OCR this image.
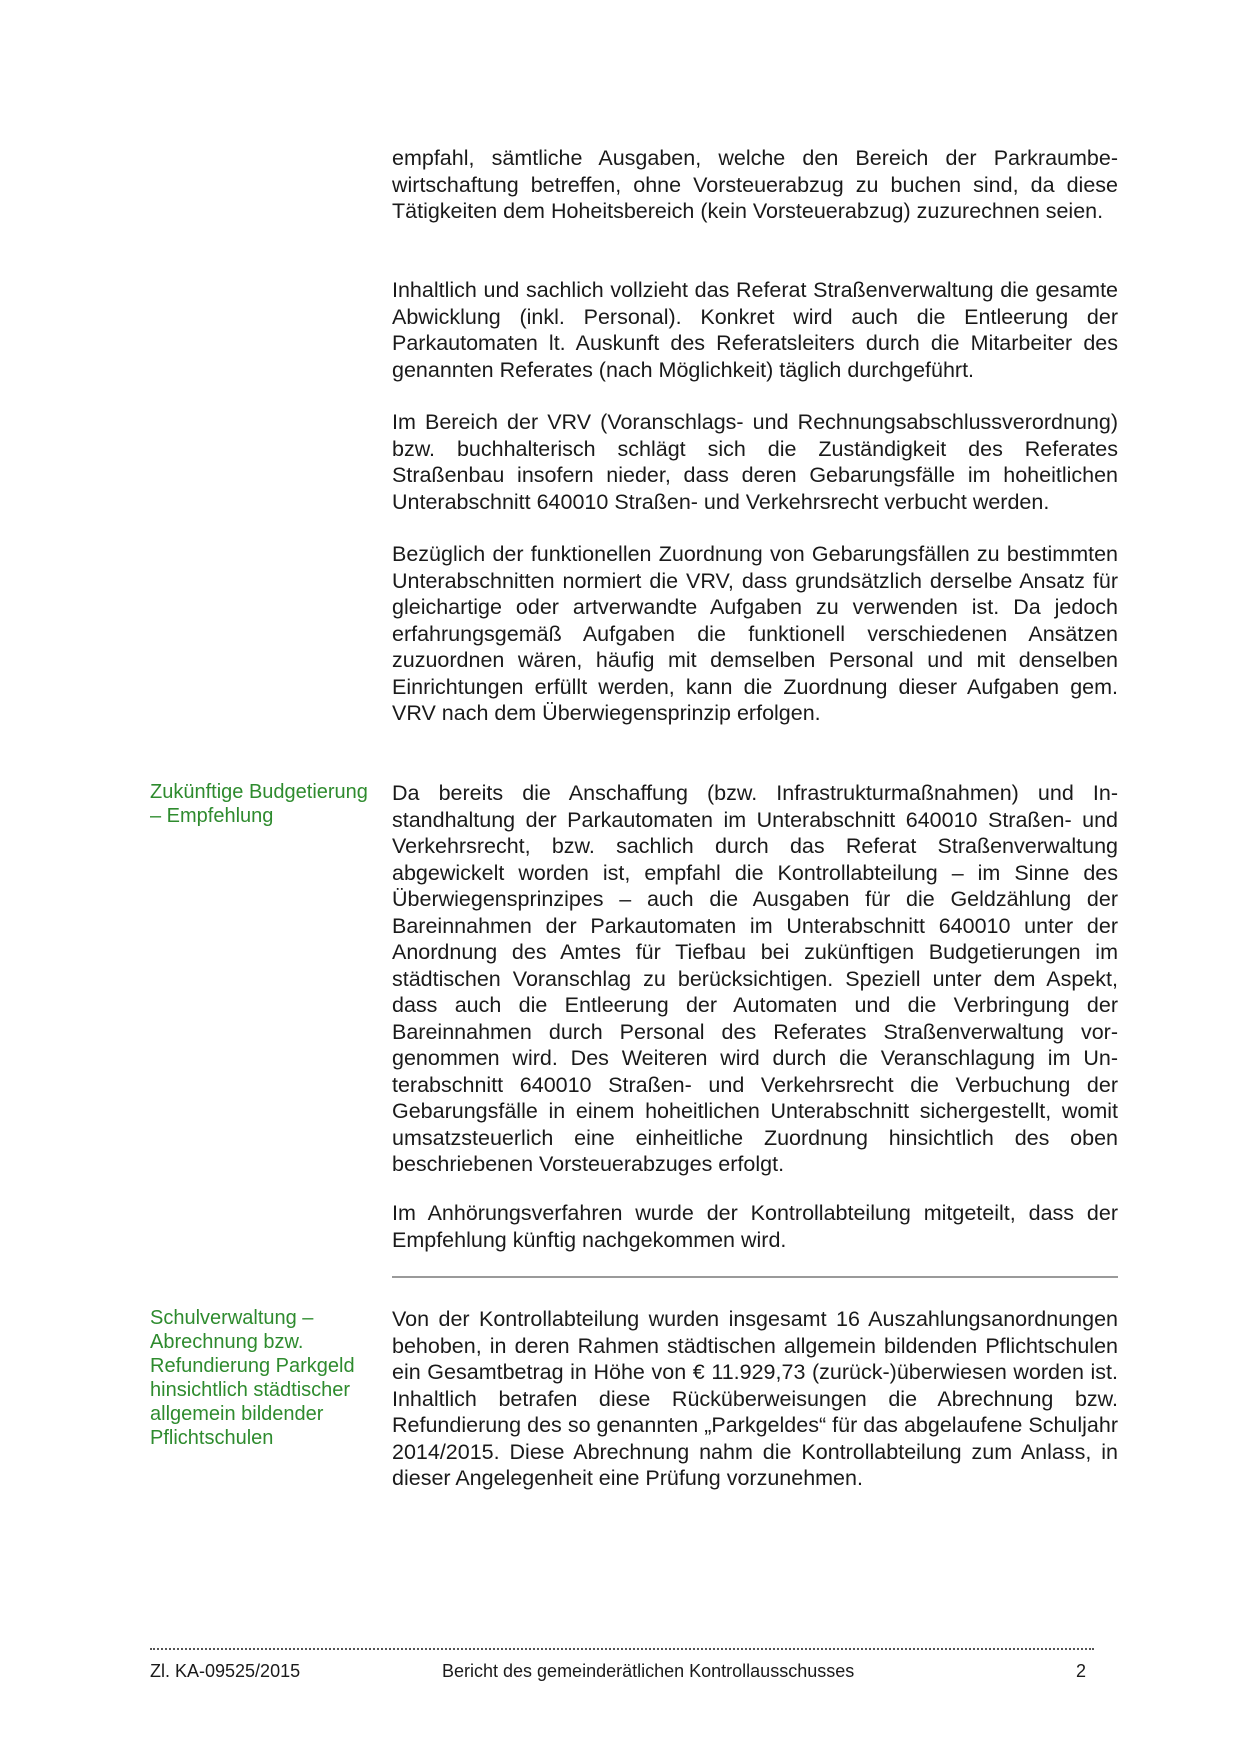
empfahl, sämtliche Ausgaben, welche den Bereich der Parkraumbewirtschaftung betreffen, ohne Vorsteuerabzug zu buchen sind, da diese Tätigkeiten dem Hoheitsbereich (kein Vorsteuerabzug) zuzurechnen seien.

Inhaltlich und sachlich vollzieht das Referat Straßenverwaltung die gesamte Abwicklung (inkl. Personal). Konkret wird auch die Entleerung der Parkautomaten lt. Auskunft des Referatsleiters durch die Mitarbeiter des genannten Referates (nach Möglichkeit) täglich durchgeführt.

Im Bereich der VRV (Voranschlags- und Rechnungsabschlussverordnung) bzw. buchhalterisch schlägt sich die Zuständigkeit des Referates Straßenbau insofern nieder, dass deren Gebarungsfälle im hoheitlichen Unterabschnitt 640010 Straßen- und Verkehrsrecht verbucht werden.

Bezüglich der funktionellen Zuordnung von Gebarungsfällen zu bestimmten Unterabschnitten normiert die VRV, dass grundsätzlich derselbe Ansatz für gleichartige oder artverwandte Aufgaben zu verwenden ist. Da jedoch erfahrungsgemäß Aufgaben die funktionell verschiedenen Ansätzen zuzuordnen wären, häufig mit demselben Personal und mit denselben Einrichtungen erfüllt werden, kann die Zuordnung dieser Aufgaben gem. VRV nach dem Überwiegensprinzip erfolgen.

Zukünftige Budgetierung – Empfehlung

Da bereits die Anschaffung (bzw. Infrastrukturmaßnahmen) und Instandhaltung der Parkautomaten im Unterabschnitt 640010 Straßen- und Verkehrsrecht, bzw. sachlich durch das Referat Straßenverwaltung abgewickelt worden ist, empfahl die Kontrollabteilung – im Sinne des Überwiegensprinzipes – auch die Ausgaben für die Geldzählung der Bareinnahmen der Parkautomaten im Unterabschnitt 640010 unter der Anordnung des Amtes für Tiefbau bei zukünftigen Budgetierungen im städtischen Voranschlag zu berücksichtigen. Speziell unter dem Aspekt, dass auch die Entleerung der Automaten und die Verbringung der Bareinnahmen durch Personal des Referates Straßenverwaltung vorgenommen wird. Des Weiteren wird durch die Veranschlagung im Unterabschnitt 640010 Straßen- und Verkehrsrecht die Verbuchung der Gebarungsfälle in einem hoheitlichen Unterabschnitt sichergestellt, womit umsatzsteuerlich eine einheitliche Zuordnung hinsichtlich des oben beschriebenen Vorsteuerabzuges erfolgt.

Im Anhörungsverfahren wurde der Kontrollabteilung mitgeteilt, dass der Empfehlung künftig nachgekommen wird.

Schulverwaltung – Abrechnung bzw. Refundierung Parkgeld hinsichtlich städtischer allgemein bildender Pflichtschulen

Von der Kontrollabteilung wurden insgesamt 16 Auszahlungsanordnungen behoben, in deren Rahmen städtischen allgemein bildenden Pflichtschulen ein Gesamtbetrag in Höhe von € 11.929,73 (zurück-)überwiesen worden ist. Inhaltlich betrafen diese Rücküberweisungen die Abrechnung bzw. Refundierung des so genannten „Parkgeldes“ für das abgelaufene Schuljahr 2014/2015. Diese Abrechnung nahm die Kontrollabteilung zum Anlass, in dieser Angelegenheit eine Prüfung vorzunehmen.

Zl. KA-09525/2015	Bericht des gemeinderätlichen Kontrollausschusses	2
